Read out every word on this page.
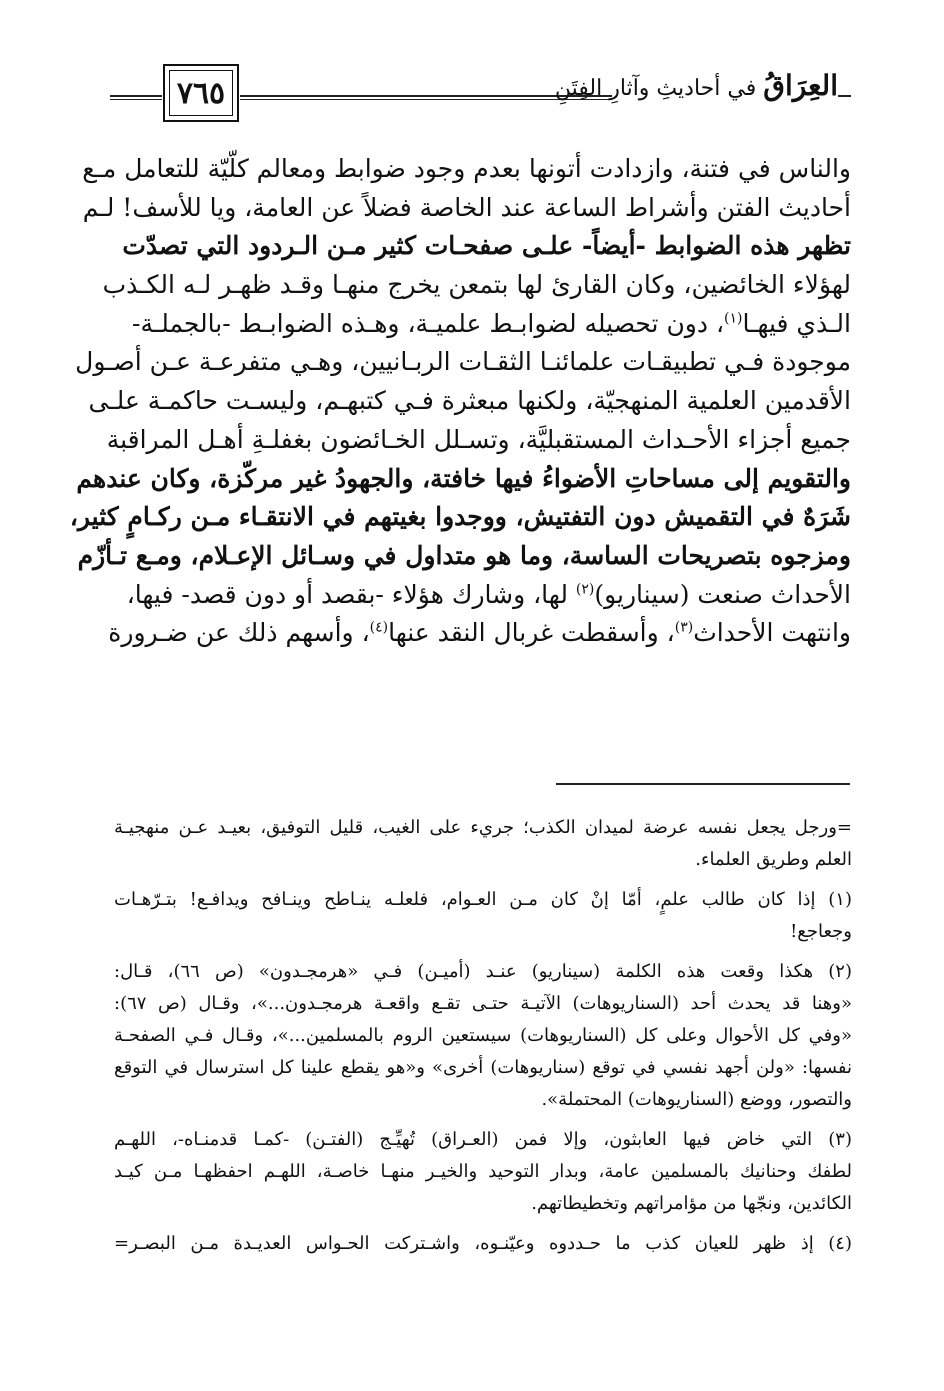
٧٦٥	العِرَاقُ في أحاديثِ وآثارِ الفِتَنِ
والناس في فتنة، وازدادت أتونها بعدم وجود ضوابط ومعالم كلّيّة للتعامل مـع
أحاديث الفتن وأشراط الساعة عند الخاصة فضلاً عن العامة، ويا للأسف! لـم
تظهر هذه الضوابط -أيضاً- علـى صفحـات كثير مـن الـردود التي تصدّت
لهؤلاء الخائضين، وكان القارئ لها بتمعن يخرج منهـا وقـد ظهـر لـه الكـذب
الـذي فيهـا$^{(١)}$، دون تحصيله لضوابـط علميـة، وهـذه الضوابـط -بالجملـة-
موجودة فـي تطبيقـات علمائنـا الثقـات الربـانيين، وهـي متفرعـة عـن أصـول
الأقدمين العلمية المنهجيّة، ولكنها مبعثرة فـي كتبهـم، وليسـت حاكمـة علـى
جميع أجزاء الأحـداث المستقبليَّة، وتسـلل الخـائضون بغفلـةِ أهـل المراقبة
والتقويم إلى مساحاتِ الأضواءُ فيها خافتة، والجهودُ غير مركّزة، وكان عندهم
شَرَهٌ في التقميش دون التفتيش، ووجدوا بغيتهم في الانتقـاء مـن ركـامٍ كثير،
ومزجوه بتصريحات الساسة، وما هو متداول في وسـائل الإعـلام، ومـع تـأزّم
الأحداث صنعت (سيناريو)$^{(٢)}$ لها، وشارك هؤلاء -بقصد أو دون قصد- فيها،
وانتهت الأحداث$^{(٣)}$، وأسقطت غربال النقد عنها$^{(٤)}$، وأسهم ذلك عن ضـرورة
=ورجل يجعل نفسه عرضة لميدان الكذب؛ جريء على الغيب، قليل التوفيق، بعيـد عـن منهجيـة
العلم وطريق العلماء.
(١) إذا كان طالب علمٍ، أمّا إنْ كان مـن العـوام، فلعلـه ينـاطح وينـافح ويدافـع! بتـرّهـات
وجعاجع!
(٢) هكذا وقعت هذه الكلمة (سيناريو) عنـد (أميـن) فـي «هرمجـدون» (ص ٦٦)، قـال:
«وهنا قد يحدث أحد (السناريوهات) الآتيـة حتـى تقـع واقعـة هرمجـدون...»، وقـال (ص ٦٧):
«وفي كل الأحوال وعلى كل (السناريوهات) سيستعين الروم بالمسلمين...»، وقـال فـي الصفحـة
نفسها: «ولن أجهد نفسي في توقع (سناريوهات) أخرى» و«هو يقطع علينا كل استرسال في التوقع
والتصور، ووضع (السناريوهات) المحتملة».
(٣) التي خاض فيها العابثون، وإلا فمن (العـراق) تُهيِّـج (الفتـن) -كمـا قدمنـاه-، اللهـم
لطفك وحنانيك بالمسلمين عامة، وبدار التوحيد والخيـر منهـا خاصـة، اللهـم احفظهـا مـن كيـد
الكائدين، ونجّها من مؤامراتهم وتخطيطاتهم.
(٤) إذ ظهر للعيان كذب ما حـددوه وعيّنـوه، واشـتركت الحـواس العديـدة مـن البصـر=
